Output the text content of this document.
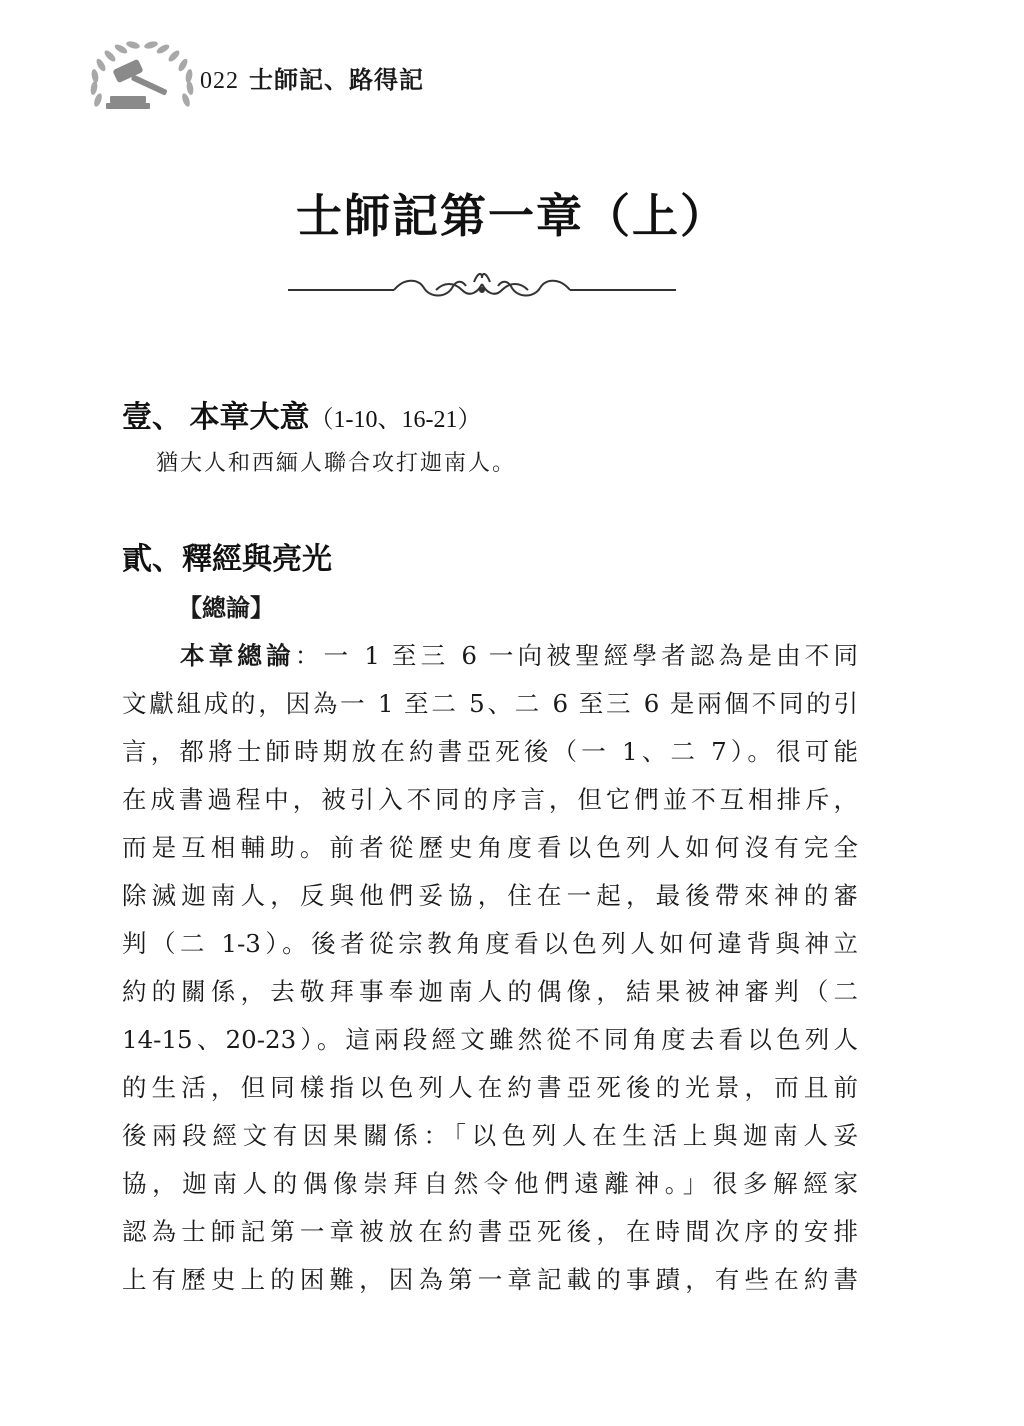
022 士師記、路得記
士師記第一章（上）
壹、 本章大意（1-10、16-21）

猶大人和西緬人聯合攻打迦南人。

貳、釋經與亮光

【總論】

本章總論：一 1 至三 6 一向被聖經學者認為是由不同
文獻組成的，因為一 1 至二 5、二 6 至三 6 是兩個不同的引
言，都將士師時期放在約書亞死後（一 1、二 7）。很可能
在成書過程中，被引入不同的序言，但它們並不互相排斥，
而是互相輔助。前者從歷史角度看以色列人如何沒有完全
除滅迦南人，反與他們妥協，住在一起，最後帶來神的審
判（二 1-3）。後者從宗教角度看以色列人如何違背與神立
約的關係，去敬拜事奉迦南人的偶像，結果被神審判（二
14-15、20-23）。這兩段經文雖然從不同角度去看以色列人
的生活，但同樣指以色列人在約書亞死後的光景，而且前
後兩段經文有因果關係：「以色列人在生活上與迦南人妥
協，迦南人的偶像崇拜自然令他們遠離神。」很多解經家
認為士師記第一章被放在約書亞死後，在時間次序的安排
上有歷史上的困難，因為第一章記載的事蹟，有些在約書
